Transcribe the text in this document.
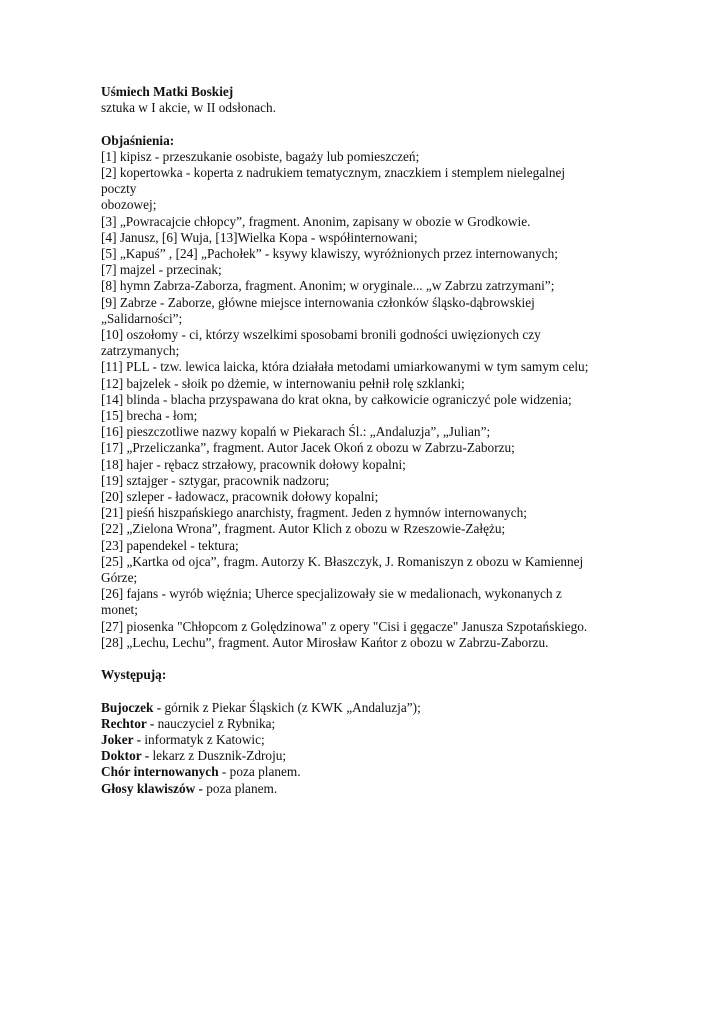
Uśmiech Matki Boskiej
sztuka w I akcie, w II odsłonach.
Objaśnienia:
[1] kipisz - przeszukanie osobiste, bagaży lub pomieszczeń;
[2] kopertowka - koperta z nadrukiem tematycznym, znaczkiem i stemplem nielegalnej
poczty
obozowej;
[3] „Powracajcie chłopcy”, fragment. Anonim, zapisany w obozie w Grodkowie.
[4] Janusz, [6] Wuja, [13]Wielka Kopa - współinternowani;
[5] „Kapuś” , [24] „Pachołek” - ksywy klawiszy, wyróżnionych przez internowanych;
[7] majzel - przecinak;
[8] hymn Zabrza-Zaborza, fragment. Anonim; w oryginale... „w Zabrzu zatrzymani”;
[9] Zabrze - Zaborze, główne miejsce internowania członków śląsko-dąbrowskiej
„Salidarności”;
[10] oszołomy - ci, którzy wszelkimi sposobami bronili godności uwięzionych czy
zatrzymanych;
[11] PLL - tzw. lewica laicka, która działała metodami umiarkowanymi w tym samym celu;
[12] bajzelek - słoik po dżemie, w internowaniu pełnił rolę szklanki;
[14] blinda - blacha przyspawana do krat okna, by całkowicie ograniczyć pole widzenia;
[15] brecha - łom;
[16] pieszczotliwe nazwy kopalń w Piekarach Śl.: „Andaluzja”, „Julian”;
[17] „Przeliczanka”, fragment. Autor Jacek Okoń z obozu w Zabrzu-Zaborzu;
[18] hajer - rębacz strzałowy, pracownik dołowy kopalni;
[19] sztajger - sztygar, pracownik nadzoru;
[20] szleper - ładowacz, pracownik dołowy kopalni;
[21] pieśń hiszpańskiego anarchisty, fragment. Jeden z hymnów internowanych;
[22] „Zielona Wrona”, fragment. Autor Klich z obozu w Rzeszowie-Załężu;
[23] papendekel - tektura;
[25] „Kartka od ojca”, fragm. Autorzy K. Błaszczyk, J. Romaniszyn z obozu w Kamiennej
Górze;
[26] fajans - wyrób więźnia; Uherce specjalizowały sie w medalionach, wykonanych z
monet;
[27] piosenka "Chłopcom z Golędzinowa" z opery "Cisi i gęgacze" Janusza Szpotańskiego.
[28] „Lechu, Lechu”, fragment. Autor Mirosław Kańtor z obozu w Zabrzu-Zaborzu.
Występują:
Bujoczek - górnik z Piekar Śląskich (z KWK „Andaluzja”);
Rechtor - nauczyciel z Rybnika;
Joker - informatyk z Katowic;
Doktor - lekarz z Dusznik-Zdroju;
Chór internowanych - poza planem.
Głosy klawiszów - poza planem.
